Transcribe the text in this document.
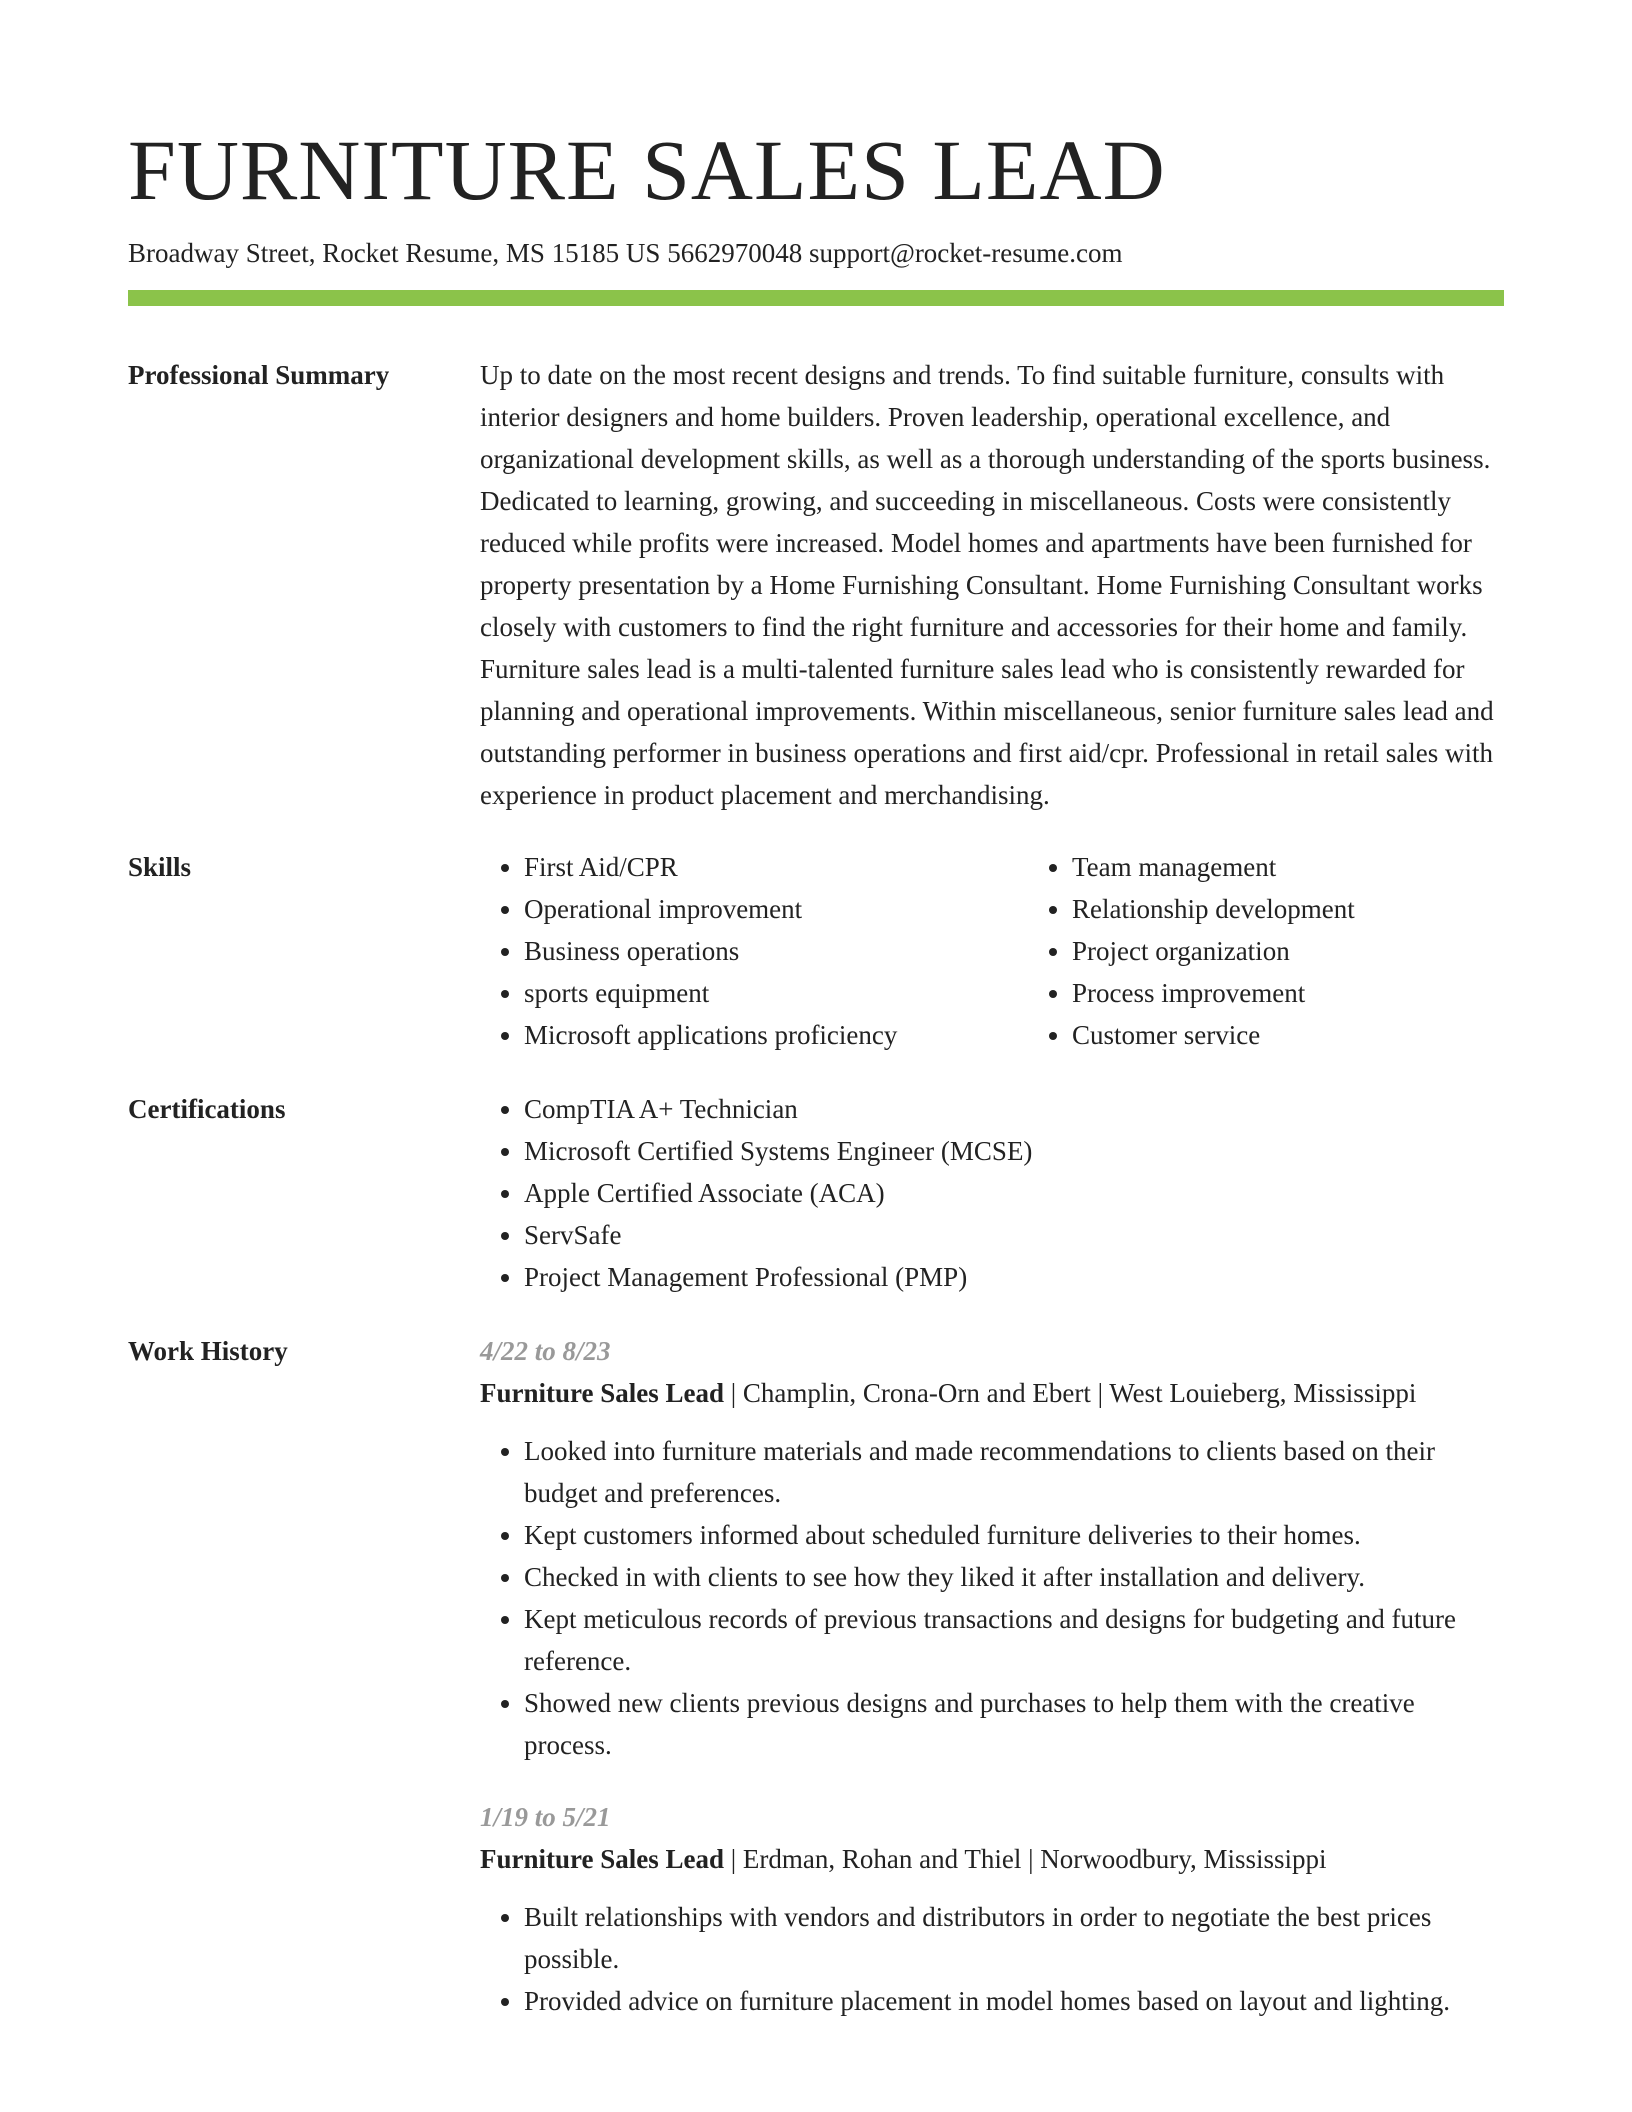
FURNITURE SALES LEAD
Broadway Street, Rocket Resume, MS 15185 US 5662970048 support@rocket-resume.com
Professional Summary	Up to date on the most recent designs and trends. To find suitable furniture, consults with interior designers and home builders. Proven leadership, operational excellence, and organizational development skills, as well as a thorough understanding of the sports business. Dedicated to learning, growing, and succeeding in miscellaneous. Costs were consistently reduced while profits were increased. Model homes and apartments have been furnished for property presentation by a Home Furnishing Consultant. Home Furnishing Consultant works closely with customers to find the right furniture and accessories for their home and family. Furniture sales lead is a multi-talented furniture sales lead who is consistently rewarded for planning and operational improvements. Within miscellaneous, senior furniture sales lead and outstanding performer in business operations and first aid/cpr. Professional in retail sales with experience in product placement and merchandising.

Skills	• First Aid/CPR
• Operational improvement
• Business operations
• sports equipment
• Microsoft applications proficiency
• Team management
• Relationship development
• Project organization
• Process improvement
• Customer service
Certifications	• CompTIA A+ Technician
• Microsoft Certified Systems Engineer (MCSE)
• Apple Certified Associate (ACA)
• ServSafe
• Project Management Professional (PMP)
Work History	4/22 to 8/23
Furniture Sales Lead | Champlin, Crona-Orn and Ebert | West Louieberg, Mississippi
• Looked into furniture materials and made recommendations to clients based on their budget and preferences.
• Kept customers informed about scheduled furniture deliveries to their homes.
• Checked in with clients to see how they liked it after installation and delivery.
• Kept meticulous records of previous transactions and designs for budgeting and future reference.
• Showed new clients previous designs and purchases to help them with the creative process.
1/19 to 5/21
Furniture Sales Lead | Erdman, Rohan and Thiel | Norwoodbury, Mississippi
• Built relationships with vendors and distributors in order to negotiate the best prices possible.
• Provided advice on furniture placement in model homes based on layout and lighting.
